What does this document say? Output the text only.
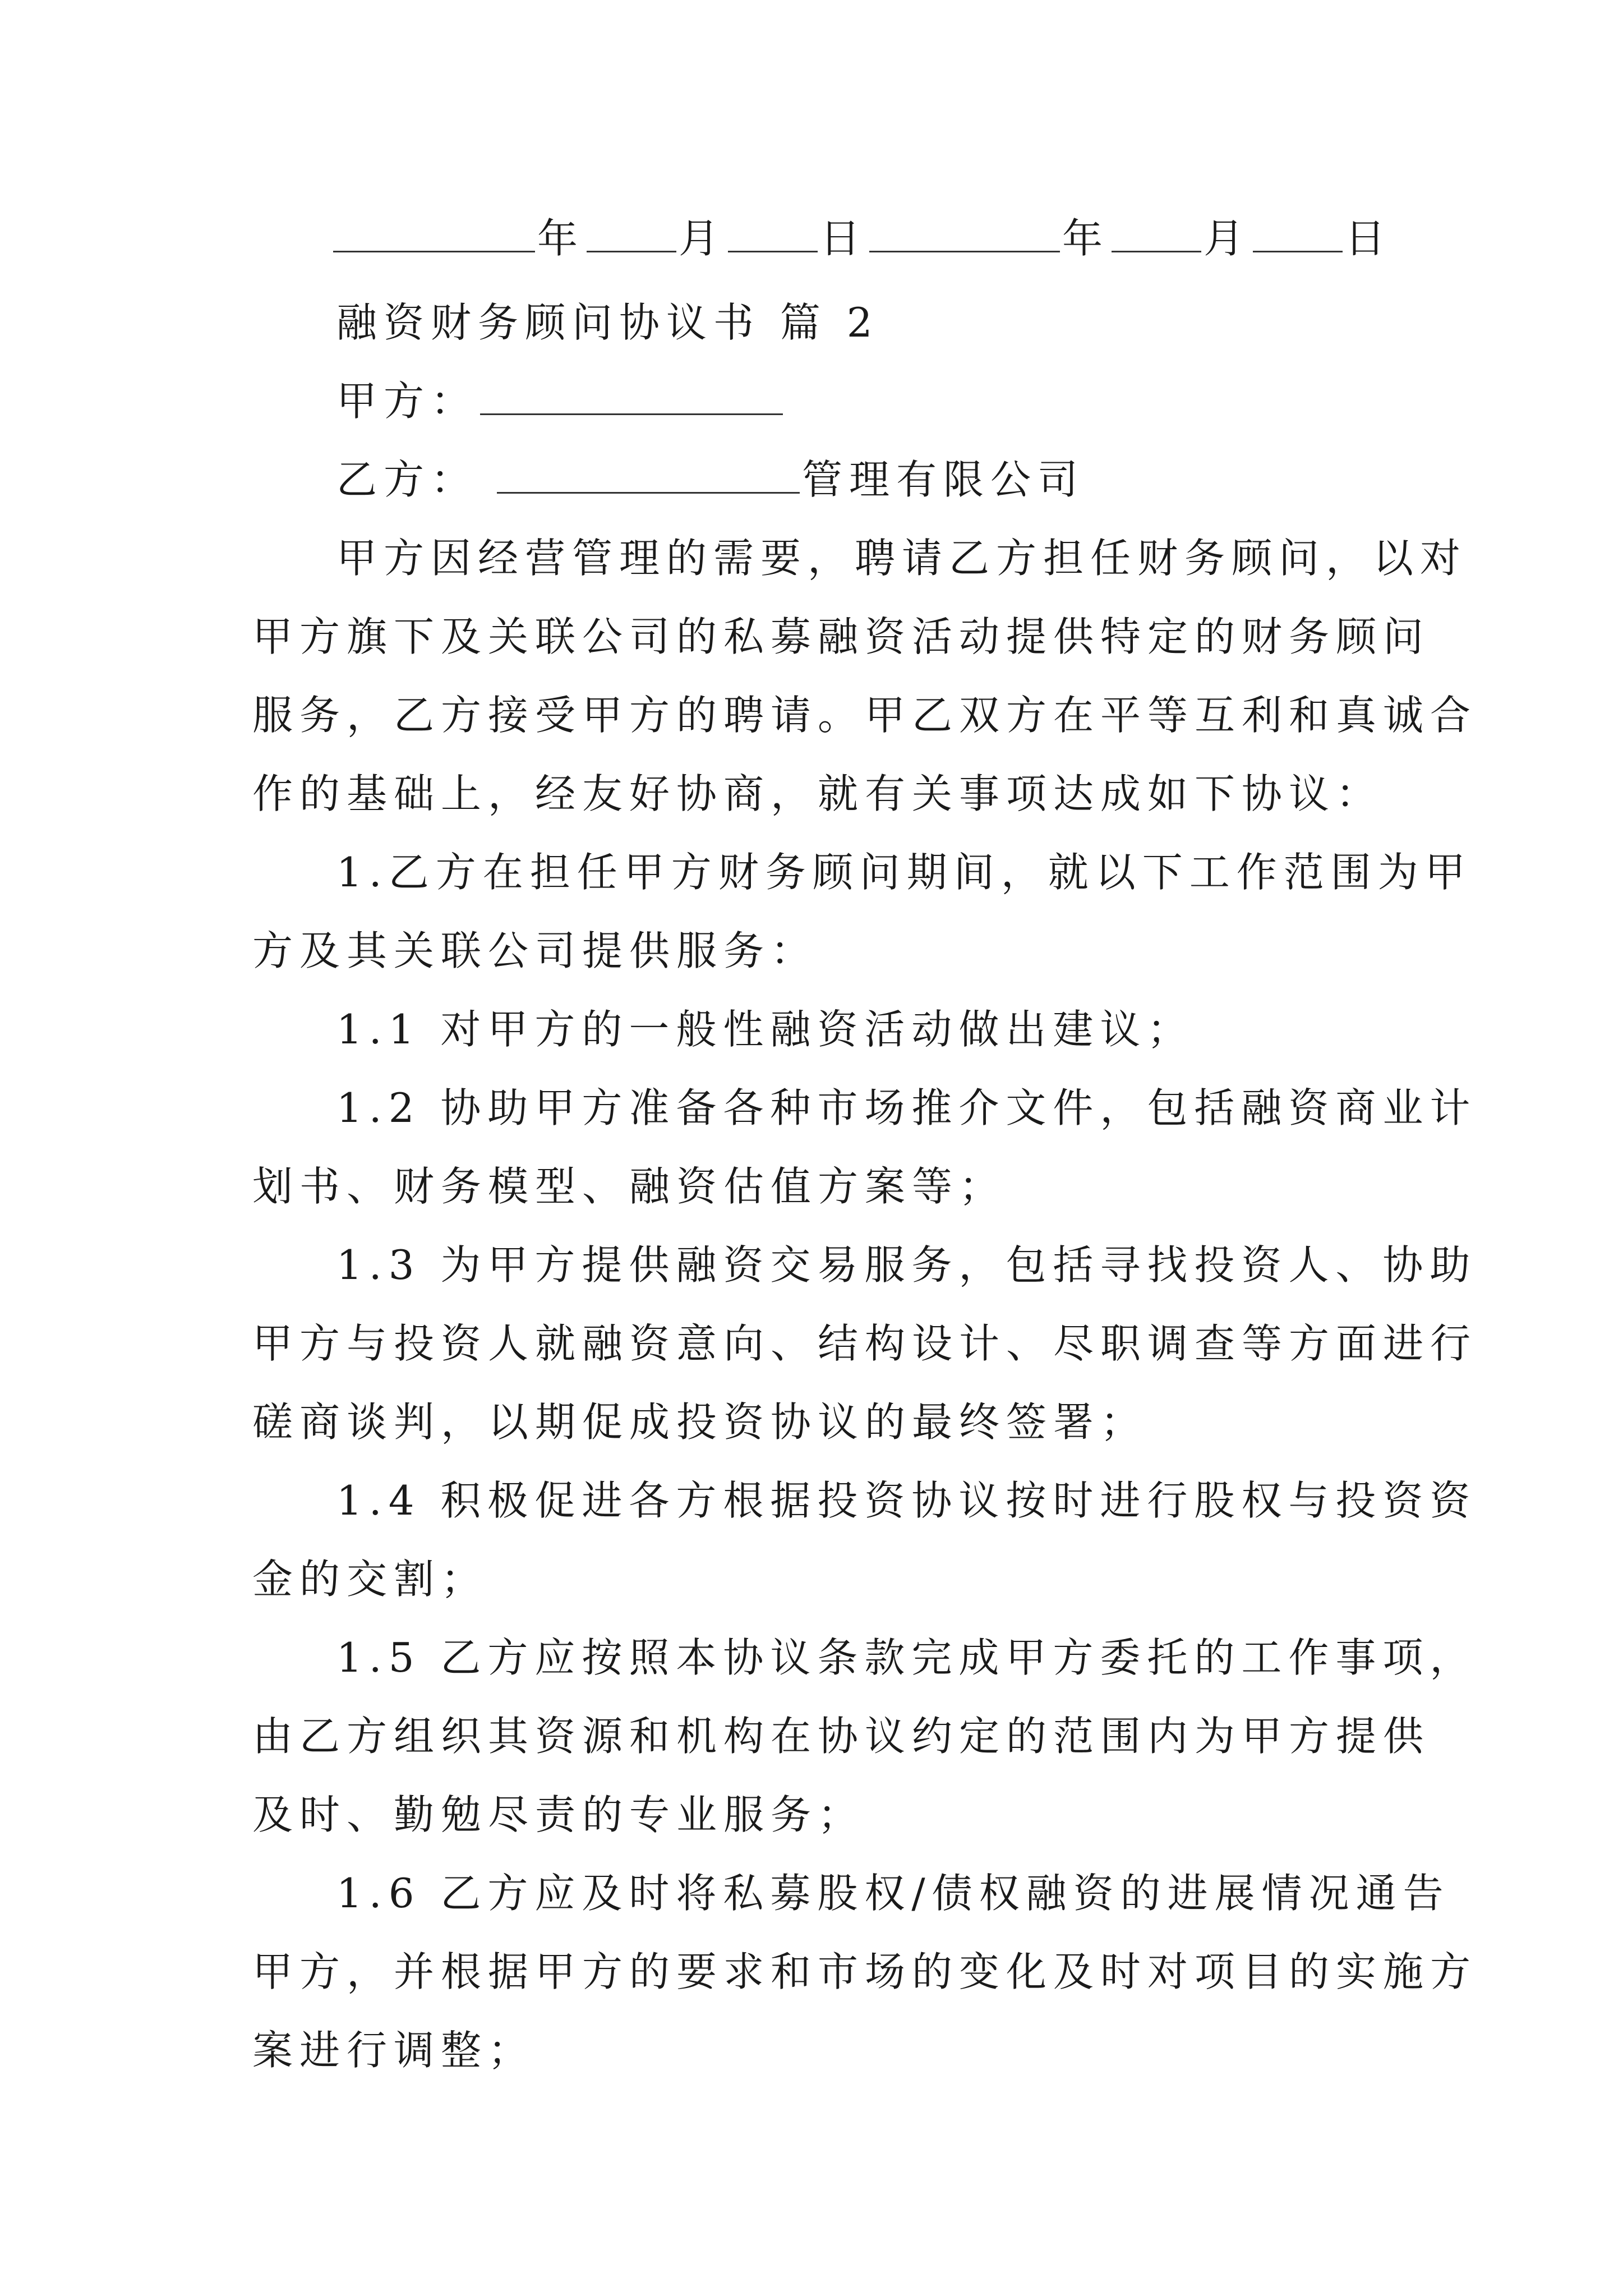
年 月 日	年 月 日
融资财务顾问协议书 篇 2
甲方：
乙方：	管理有限公司
甲方因经营管理的需要，聘请乙方担任财务顾问，以对
甲方旗下及关联公司的私募融资活动提供特定的财务顾问
服务，乙方接受甲方的聘请。甲乙双方在平等互利和真诚合
作的基础上，经友好协商，就有关事项达成如下协议：
1.乙方在担任甲方财务顾问期间，就以下工作范围为甲
方及其关联公司提供服务：
1.1 对甲方的一般性融资活动做出建议；
1.2 协助甲方准备各种市场推介文件，包括融资商业计
划书、财务模型、融资估值方案等；
1.3 为甲方提供融资交易服务，包括寻找投资人、协助
甲方与投资人就融资意向、结构设计、尽职调查等方面进行
磋商谈判，以期促成投资协议的最终签署；
1.4 积极促进各方根据投资协议按时进行股权与投资资
金的交割；
1.5 乙方应按照本协议条款完成甲方委托的工作事项，
由乙方组织其资源和机构在协议约定的范围内为甲方提供
及时、勤勉尽责的专业服务；
1.6 乙方应及时将私募股权/债权融资的进展情况通告
甲方，并根据甲方的要求和市场的变化及时对项目的实施方
案进行调整；
